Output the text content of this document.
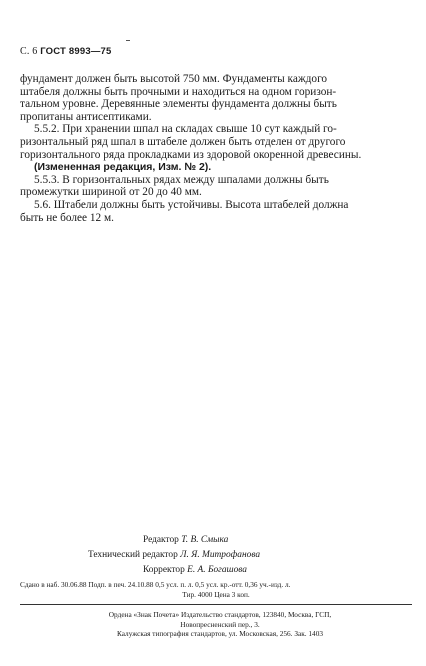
С. 6 ГОСТ 8993—75

фундамент должен быть высотой 750 мм. Фундаменты каждого

штабеля должны быть прочными и находиться на одном горизон-

тальном уровне. Деревянные элементы фундамента должны быть

пропитаны антисептиками.

5.5.2. При хранении шпал на складах свыше 10 сут каждый го-

ризонтальный ряд шпал в штабеле должен быть отделен от другого

горизонтального ряда прокладками из здоровой окоренной древесины.

(Измененная редакция, Изм. № 2).

5.5.3. В горизонтальных рядах между шпалами должны быть

промежутки шириной от 20 до 40 мм.

5.6. Штабели должны быть устойчивы. Высота штабелей должна

быть не более 12 м.

Редактор Т. В. Смыка
Технический редактор Л. Я. Митрофанова
Корректор Е. А. Богашова
Сдано в наб. 30.06.88 Подп. в печ. 24.10.88 0,5 усл. п. л. 0,5 усл. кр.-отт. 0,36 уч.-изд. л.
Тир. 4000 Цена 3 коп.
Ордена «Знак Почета» Издательство стандартов, 123840, Москва, ГСП,
Новопресненский пер., 3.
Калужская типография стандартов, ул. Московская, 256. Зак. 1403
